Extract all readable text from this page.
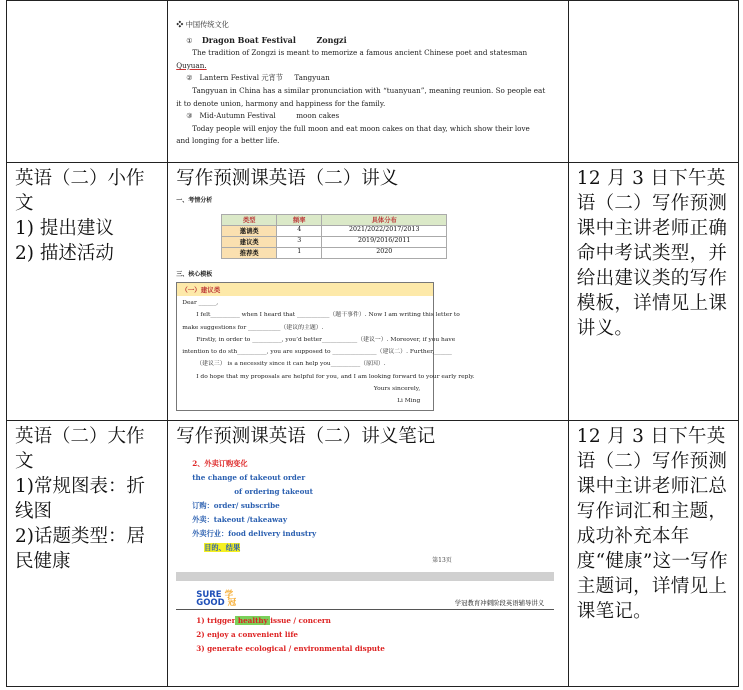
❖ 中国传统文化
① Dragon Boat Festival	Zongzi
The tradition of Zongzi is meant to memorize a famous ancient Chinese poet and statesman
Quyuan.
② Lantern Festival 元宵节 Tangyuan
Tangyuan in China has a similar pronunciation with “tuanyuan”, meaning reunion. So people eat
it to denote union, harmony and happiness for the family.
③ Mid-Autumn Festival	moon cakes
Today people will enjoy the full moon and eat moon cakes on that day, which show their love
and longing for a better life.

英语（二）小作
文
1) 提出建议
2) 描述活动

写作预测课英语（二）讲义
一、考情分析
类型	频率	具体分布
邀请类	4	2021/2022/2017/2013
建议类	3	2019/2016/2011
推荐类	1	2020
三、核心模板
（一）建议类
Dear ______,
I felt__________ when I heard that ___________（题干事件）. Now I am writing this letter to
make suggestions for ___________（建议的主题）.
Firstly, in order to __________, you’d better____________（建议一）. Moreover, if you have
intention to do sth__________, you are supposed to _______________（建议二）. Further,______
（建议三） is a necessity since it can help you__________（原因）.
I do hope that my proposals are helpful for you, and I am looking forward to your early reply.
Yours sincerely,
Li Ming

12 月 3 日下午英语（二）写作预测课中主讲老师正确命中考试类型，并给出建议类的写作模板，详情见上课讲义。

英语（二）大作
文
1)常规图表：折
线图
2)话题类型：居
民健康

写作预测课英语（二）讲义笔记
2、外卖订购变化
the change of takeout order
of ordering takeout
订购：order/ subscribe
外卖：takeout /takeaway
外卖行业：food delivery industry
目的、结果
第13页
SURE 学
GOOD 冠	学冠教育冲刺阶段英语辅导讲义
1) trigger healthy issue / concern
2) enjoy a convenient life
3) generate ecological / environmental dispute

12 月 3 日下午英语（二）写作预测课中主讲老师汇总写作词汇和主题，成功补充本年度“健康”这一写作主题词，详情见上课笔记。
